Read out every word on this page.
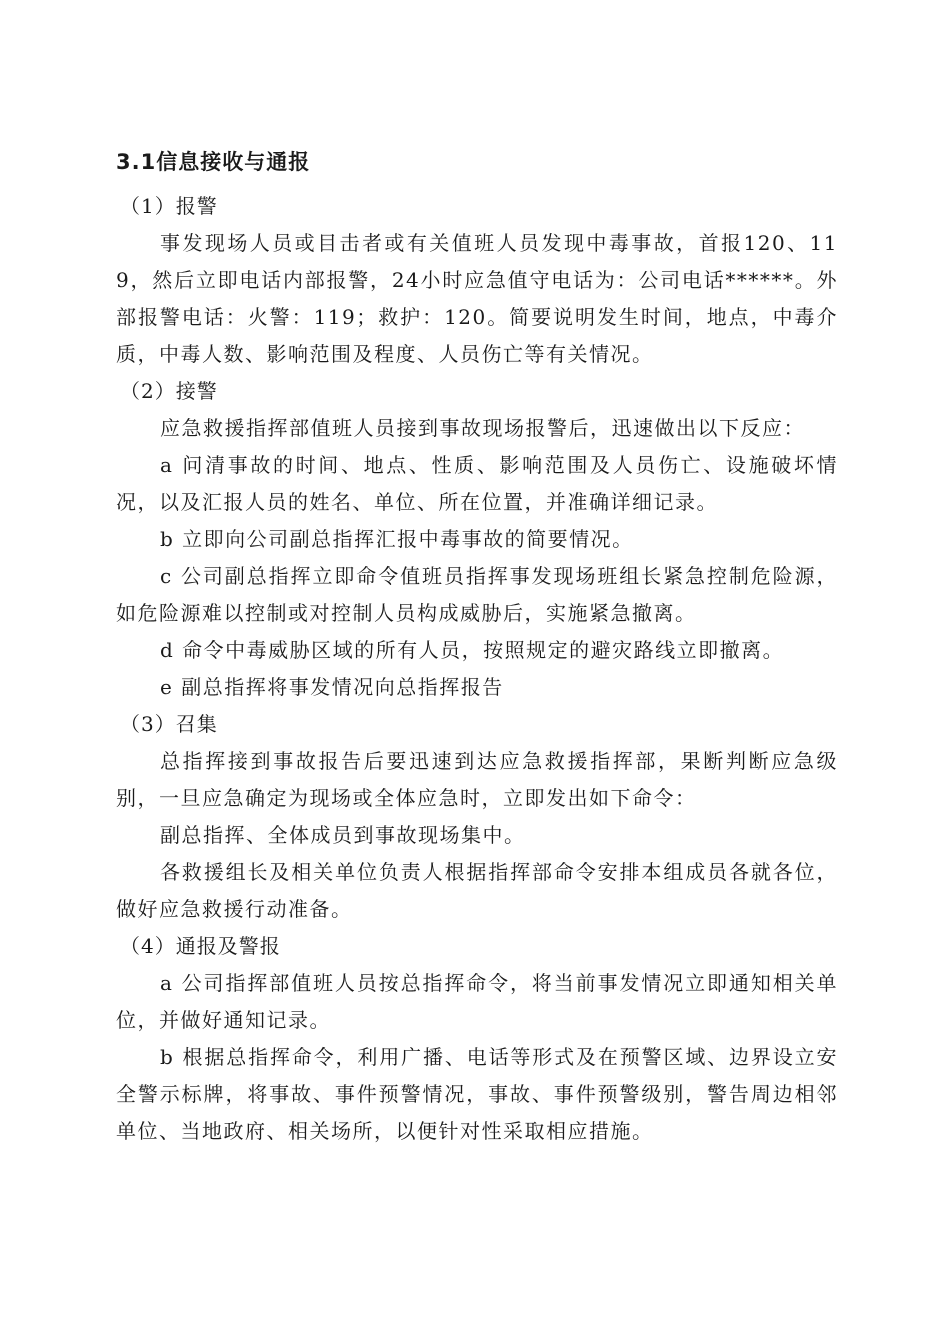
3.1信息接收与通报

（1）报警

事发现场人员或目击者或有关值班人员发现中毒事故，首报120、119，然后立即电话内部报警，24小时应急值守电话为：公司电话******。外部报警电话：火警：119；救护：120。简要说明发生时间，地点，中毒介质，中毒人数、影响范围及程度、人员伤亡等有关情况。

（2）接警

应急救援指挥部值班人员接到事故现场报警后，迅速做出以下反应：

a 问清事故的时间、地点、性质、影响范围及人员伤亡、设施破坏情况，以及汇报人员的姓名、单位、所在位置，并准确详细记录。

b 立即向公司副总指挥汇报中毒事故的简要情况。

c 公司副总指挥立即命令值班员指挥事发现场班组长紧急控制危险源，如危险源难以控制或对控制人员构成威胁后，实施紧急撤离。

d 命令中毒威胁区域的所有人员，按照规定的避灾路线立即撤离。

e 副总指挥将事发情况向总指挥报告

（3）召集

总指挥接到事故报告后要迅速到达应急救援指挥部，果断判断应急级别，一旦应急确定为现场或全体应急时，立即发出如下命令：

副总指挥、全体成员到事故现场集中。

各救援组长及相关单位负责人根据指挥部命令安排本组成员各就各位，做好应急救援行动准备。

（4）通报及警报

a 公司指挥部值班人员按总指挥命令，将当前事发情况立即通知相关单位，并做好通知记录。

b 根据总指挥命令，利用广播、电话等形式及在预警区域、边界设立安全警示标牌，将事故、事件预警情况，事故、事件预警级别，警告周边相邻单位、当地政府、相关场所，以便针对性采取相应措施。
